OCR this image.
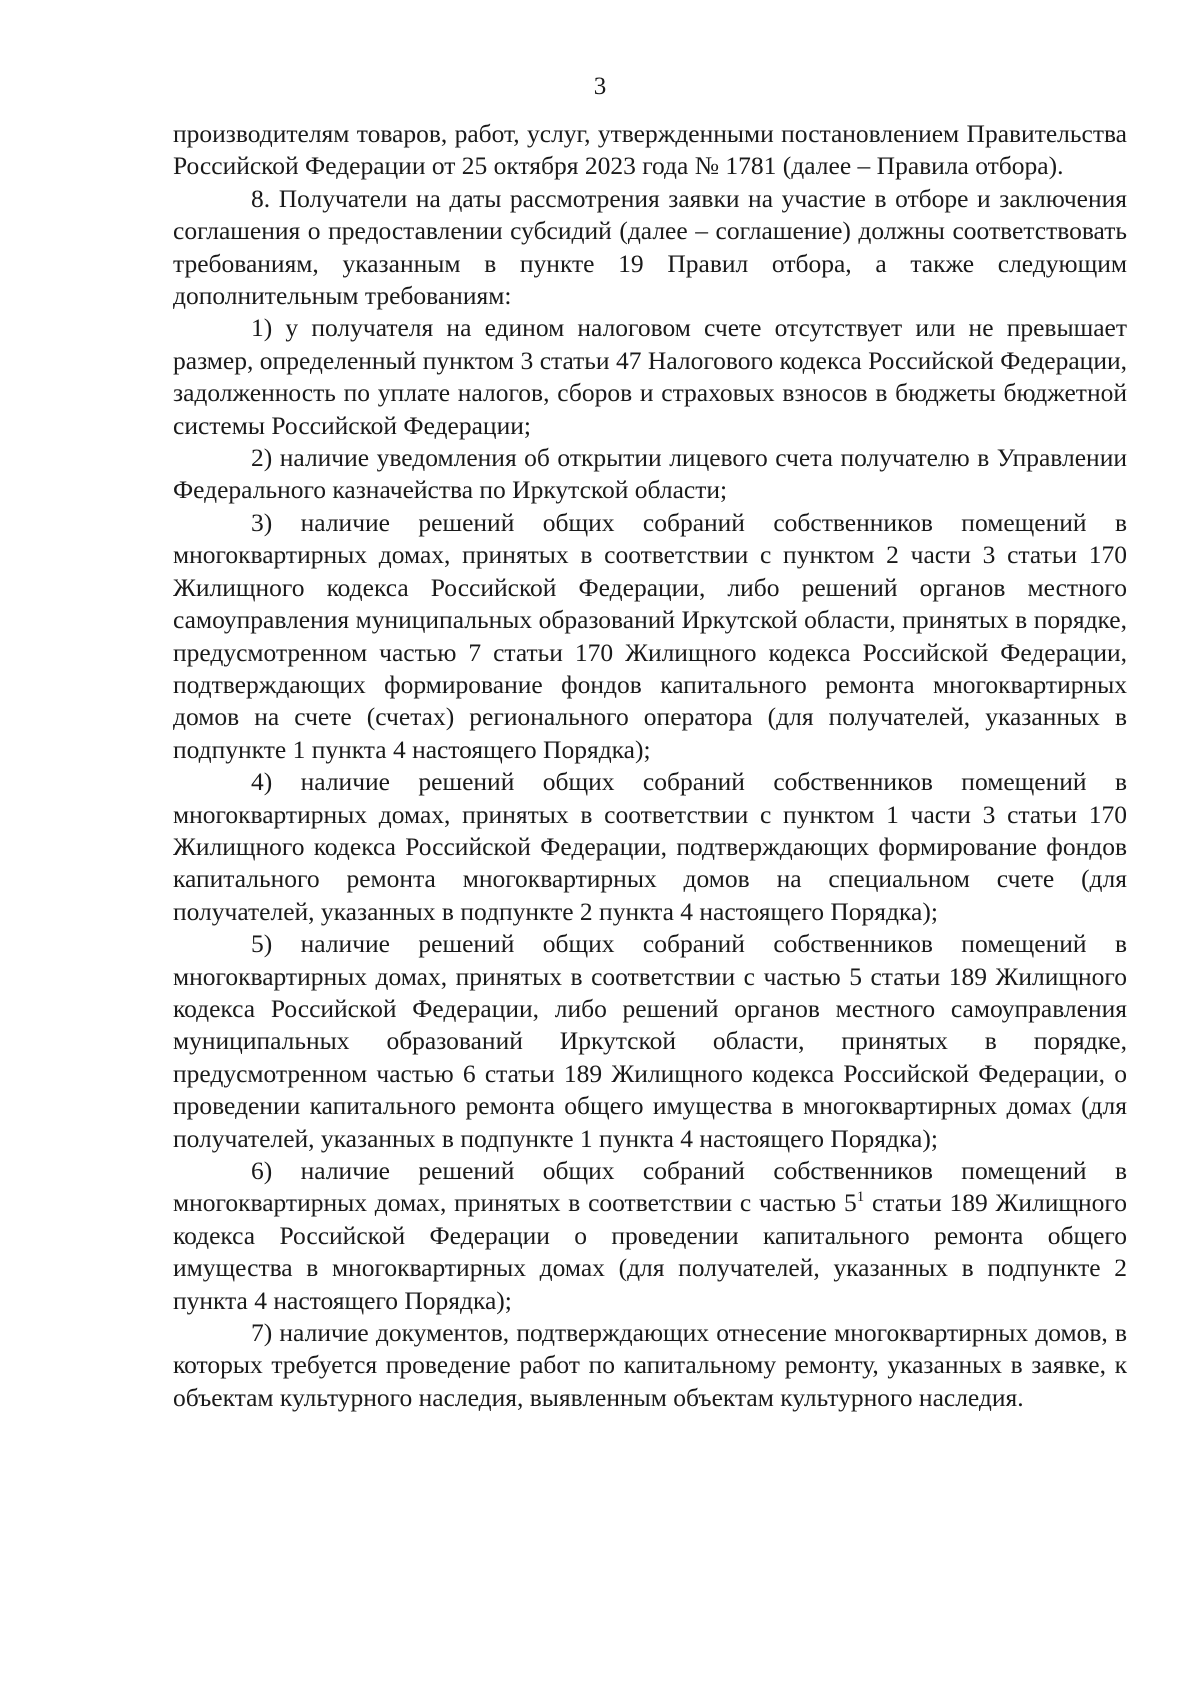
3

производителям товаров, работ, услуг, утвержденными постановлением Правительства Российской Федерации от 25 октября 2023 года № 1781 (далее – Правила отбора).

8. Получатели на даты рассмотрения заявки на участие в отборе и заключения соглашения о предоставлении субсидий (далее – соглашение) должны соответствовать требованиям, указанным в пункте 19 Правил отбора, а также следующим дополнительным требованиям:

1) у получателя на едином налоговом счете отсутствует или не превышает размер, определенный пунктом 3 статьи 47 Налогового кодекса Российской Федерации, задолженность по уплате налогов, сборов и страховых взносов в бюджеты бюджетной системы Российской Федерации;

2) наличие уведомления об открытии лицевого счета получателю в Управлении Федерального казначейства по Иркутской области;

3) наличие решений общих собраний собственников помещений в многоквартирных домах, принятых в соответствии с пунктом 2 части 3 статьи 170 Жилищного кодекса Российской Федерации, либо решений органов местного самоуправления муниципальных образований Иркутской области, принятых в порядке, предусмотренном частью 7 статьи 170 Жилищного кодекса Российской Федерации, подтверждающих формирование фондов капитального ремонта многоквартирных домов на счете (счетах) регионального оператора (для получателей, указанных в подпункте 1 пункта 4 настоящего Порядка);

4) наличие решений общих собраний собственников помещений в многоквартирных домах, принятых в соответствии с пунктом 1 части 3 статьи 170 Жилищного кодекса Российской Федерации, подтверждающих формирование фондов капитального ремонта многоквартирных домов на специальном счете (для получателей, указанных в подпункте 2 пункта 4 настоящего Порядка);

5) наличие решений общих собраний собственников помещений в многоквартирных домах, принятых в соответствии с частью 5 статьи 189 Жилищного кодекса Российской Федерации, либо решений органов местного самоуправления муниципальных образований Иркутской области, принятых в порядке, предусмотренном частью 6 статьи 189 Жилищного кодекса Российской Федерации, о проведении капитального ремонта общего имущества в многоквартирных домах (для получателей, указанных в подпункте 1 пункта 4 настоящего Порядка);

6) наличие решений общих собраний собственников помещений в многоквартирных домах, принятых в соответствии с частью $5^1$ статьи 189 Жилищного кодекса Российской Федерации о проведении капитального ремонта общего имущества в многоквартирных домах (для получателей, указанных в подпункте 2 пункта 4 настоящего Порядка);

7) наличие документов, подтверждающих отнесение многоквартирных домов, в которых требуется проведение работ по капитальному ремонту, указанных в заявке, к объектам культурного наследия, выявленным объектам культурного наследия.
